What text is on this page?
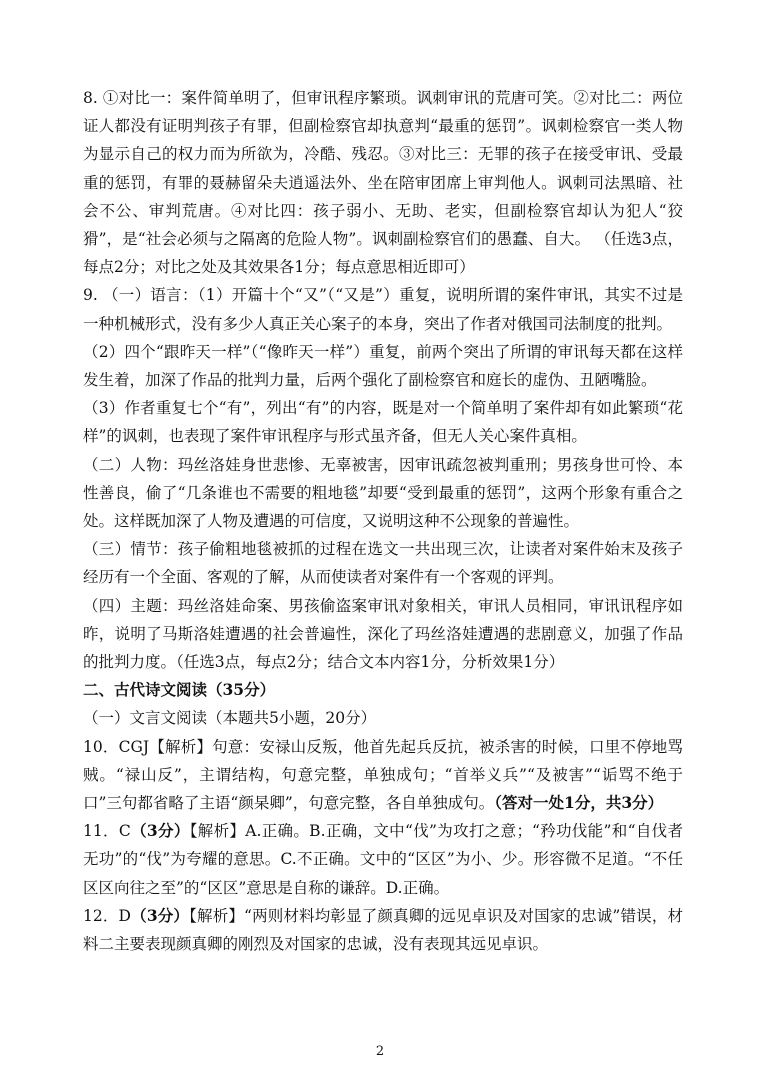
8. ①对比一：案件简单明了，但审讯程序繁琐。讽刺审讯的荒唐可笑。②对比二：两位证人都没有证明判孩子有罪，但副检察官却执意判“最重的惩罚”。讽刺检察官一类人物为显示自己的权力而为所欲为，冷酷、残忍。③对比三：无罪的孩子在接受审讯、受最重的惩罚，有罪的聂赫留朵夫逍遥法外、坐在陪审团席上审判他人。讽刺司法黑暗、社会不公、审判荒唐。④对比四：孩子弱小、无助、老实，但副检察官却认为犯人“狡猾”，是“社会必须与之隔离的危险人物”。讽刺副检察官们的愚蠢、自大。 （任选3点，每点2分；对比之处及其效果各1分；每点意思相近即可）

9. （一）语言：（1）开篇十个“又”（“又是”）重复，说明所谓的案件审讯，其实不过是一种机械形式，没有多少人真正关心案子的本身，突出了作者对俄国司法制度的批判。

（2）四个“跟昨天一样”（“像昨天一样”）重复，前两个突出了所谓的审讯每天都在这样发生着，加深了作品的批判力量，后两个强化了副检察官和庭长的虚伪、丑陋嘴脸。

（3）作者重复七个“有”，列出“有”的内容，既是对一个简单明了案件却有如此繁琐“花样”的讽刺，也表现了案件审讯程序与形式虽齐备，但无人关心案件真相。

（二）人物：玛丝洛娃身世悲惨、无辜被害，因审讯疏忽被判重刑；男孩身世可怜、本性善良，偷了“几条谁也不需要的粗地毯”却要“受到最重的惩罚”，这两个形象有重合之处。这样既加深了人物及遭遇的可信度，又说明这种不公现象的普遍性。

（三）情节：孩子偷粗地毯被抓的过程在选文一共出现三次，让读者对案件始末及孩子经历有一个全面、客观的了解，从而使读者对案件有一个客观的评判。

（四）主题：玛丝洛娃命案、男孩偷盗案审讯对象相关，审讯人员相同，审讯讯程序如昨，说明了马斯洛娃遭遇的社会普遍性，深化了玛丝洛娃遭遇的悲剧意义，加强了作品的批判力度。（任选3点，每点2分；结合文本内容1分，分析效果1分）

二、古代诗文阅读（35分）

（一）文言文阅读（本题共5小题，20分）

10．CGJ【解析】句意：安禄山反叛，他首先起兵反抗，被杀害的时候，口里不停地骂贼。“禄山反”，主谓结构，句意完整，单独成句；“首举义兵”“及被害”“诟骂不绝于口”三句都省略了主语“颜杲卿”，句意完整，各自单独成句。（答对一处1分，共3分）

11．C（3分）【解析】A.正确。B.正确，文中“伐”为攻打之意；“矜功伐能”和“自伐者无功”的“伐”为夸耀的意思。C.不正确。文中的“区区”为小、少。形容微不足道。“不任区区向往之至”的“区区”意思是自称的谦辞。D.正确。

12．D（3分）【解析】“两则材料均彰显了颜真卿的远见卓识及对国家的忠诚”错误，材料二主要表现颜真卿的刚烈及对国家的忠诚，没有表现其远见卓识。

2
